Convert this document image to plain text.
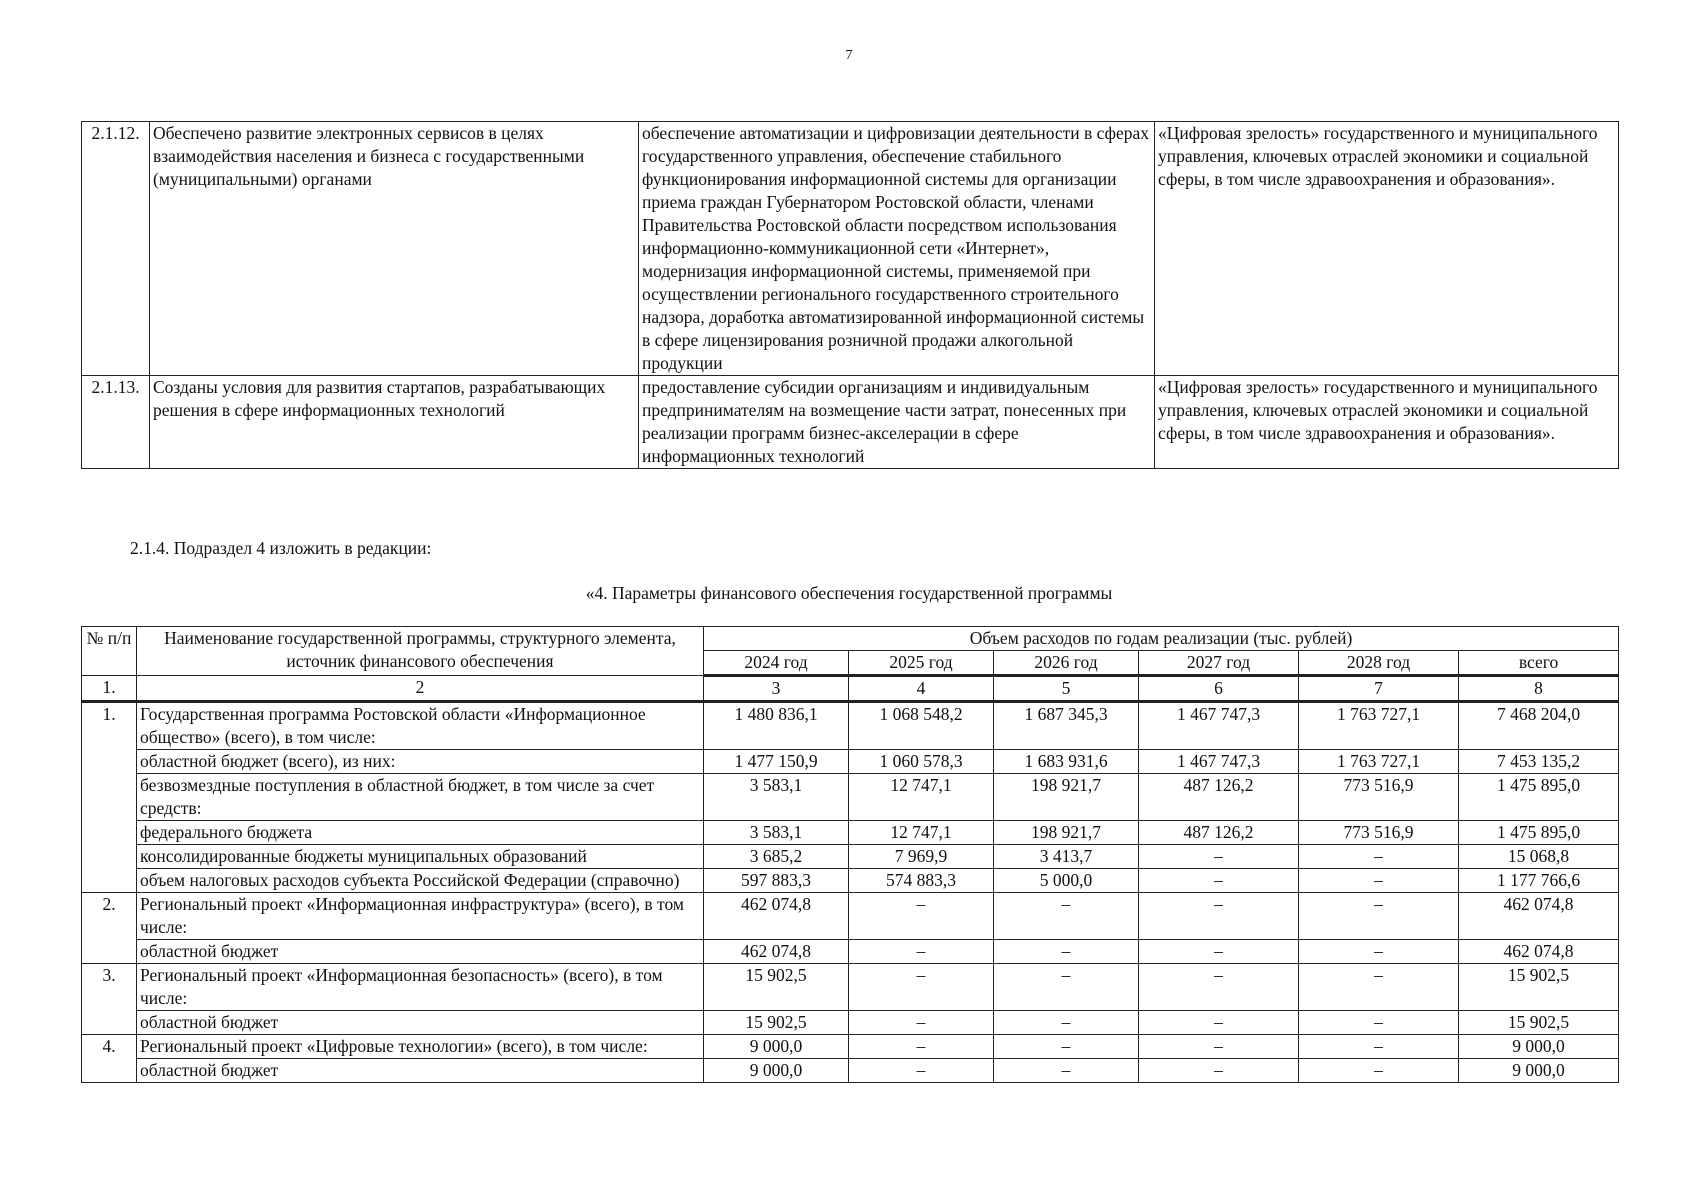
7
2.1.12.	Обеспечено развитие электронных сервисов в целях взаимодействия населения и бизнеса с государственными (муниципальными) органами	обеспечение автоматизации и цифровизации деятельности в сферах государственного управления, обеспечение стабильного функционирования информационной системы для организации приема граждан Губернатором Ростовской области, членами Правительства Ростовской области посредством использования информационно-коммуникационной сети «Интернет», модернизация информационной системы, применяемой при осуществлении регионального государственного строительного надзора, доработка автоматизированной информационной системы в сфере лицензирования розничной продажи алкогольной продукции	«Цифровая зрелость» государственного и муниципального управления, ключевых отраслей экономики и социальной сферы, в том числе здравоохранения и образования».
2.1.13.	Созданы условия для развития стартапов, разрабатывающих решения в сфере информационных технологий	предоставление субсидии организациям и индивидуальным предпринимателям на возмещение части затрат, понесенных при реализации программ бизнес-акселерации в сфере информационных технологий	«Цифровая зрелость» государственного и муниципального управления, ключевых отраслей экономики и социальной сферы, в том числе здравоохранения и образования».
2.1.4. Подраздел 4 изложить в редакции:
«4. Параметры финансового обеспечения государственной программы
№ п/п	Наименование государственной программы, структурного элемента, источник финансового обеспечения	Объем расходов по годам реализации (тыс. рублей)					
		2024 год	2025 год	2026 год	2027 год	2028 год	всего
1.	2	3	4	5	6	7	8
1.	Государственная программа Ростовской области «Информационное общество» (всего), в том числе:	1 480 836,1	1 068 548,2	1 687 345,3	1 467 747,3	1 763 727,1	7 468 204,0
	областной бюджет (всего), из них:	1 477 150,9	1 060 578,3	1 683 931,6	1 467 747,3	1 763 727,1	7 453 135,2
	безвозмездные поступления в областной бюджет, в том числе за счет средств:	3 583,1	12 747,1	198 921,7	487 126,2	773 516,9	1 475 895,0
	федерального бюджета	3 583,1	12 747,1	198 921,7	487 126,2	773 516,9	1 475 895,0
	консолидированные бюджеты муниципальных образований	3 685,2	7 969,9	3 413,7	–	–	15 068,8
	объем налоговых расходов субъекта Российской Федерации (справочно)	597 883,3	574 883,3	5 000,0	–	–	1 177 766,6
2.	Региональный проект «Информационная инфраструктура» (всего), в том числе:	462 074,8	–	–	–	–	462 074,8
	областной бюджет	462 074,8	–	–	–	–	462 074,8
3.	Региональный проект «Информационная безопасность» (всего), в том числе:	15 902,5	–	–	–	–	15 902,5
	областной бюджет	15 902,5	–	–	–	–	15 902,5
4.	Региональный проект «Цифровые технологии» (всего), в том числе:	9 000,0	–	–	–	–	9 000,0
	областной бюджет	9 000,0	–	–	–	–	9 000,0
